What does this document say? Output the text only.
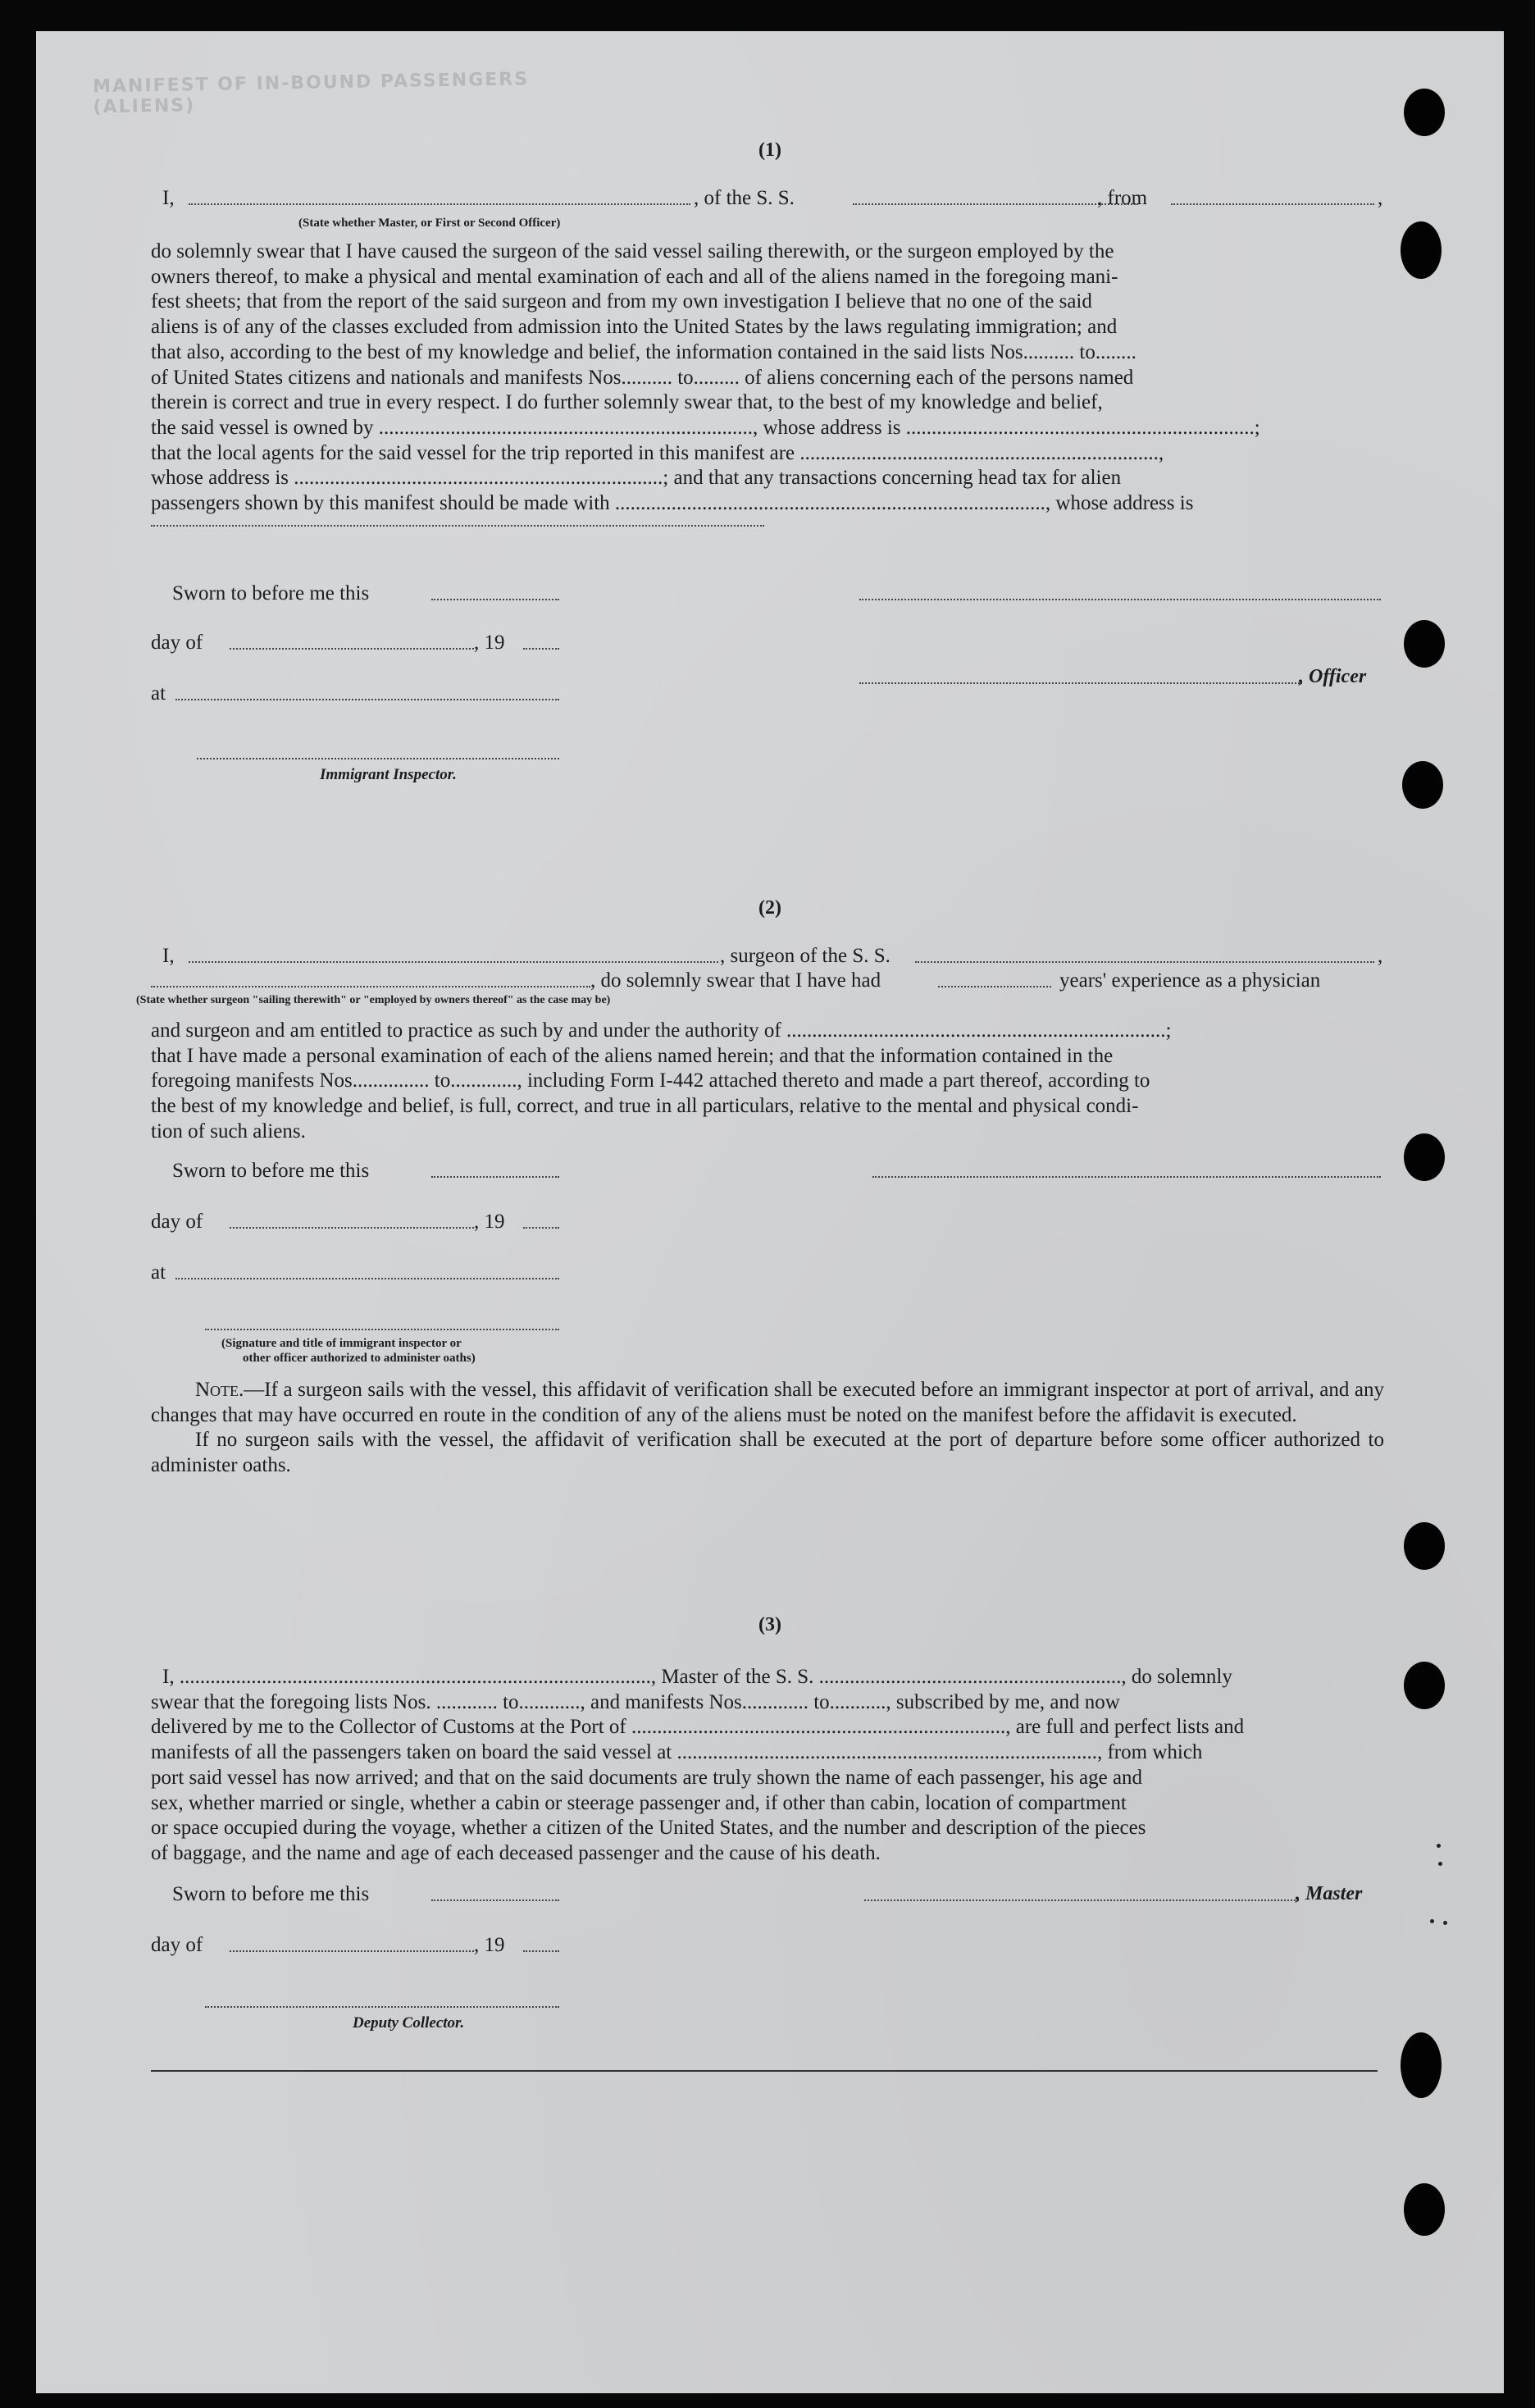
MANIFEST OF IN-BOUND PASSENGERS (ALIENS)
(1)
I,	, of the S. S.	, from	,
(State whether Master, or First or Second Officer)

do solemnly swear that I have caused the surgeon of the said vessel sailing therewith, or the surgeon employed by the

owners thereof, to make a physical and mental examination of each and all of the aliens named in the foregoing mani-

fest sheets; that from the report of the said surgeon and from my own investigation I believe that no one of the said

aliens is of any of the classes excluded from admission into the United States by the laws regulating immigration; and

that also, according to the best of my knowledge and belief, the information contained in the said lists Nos.......... to........

of United States citizens and nationals and manifests Nos.......... to......... of aliens concerning each of the persons named

therein is correct and true in every respect. I do further solemnly swear that, to the best of my knowledge and belief,

the said vessel is owned by ........................................................................., whose address is ....................................................................;

that the local agents for the said vessel for the trip reported in this manifest are ......................................................................,

whose address is ........................................................................; and that any transactions concerning head tax for alien

passengers shown by this manifest should be made with ...................................................................................., whose address is

Sworn to before me this
day of	, 19
, Officer
at
Immigrant Inspector.
(2)
I,	, surgeon of the S. S.	,
, do solemnly swear that I have had	years' experience as a physician
(State whether surgeon "sailing therewith" or "employed by owners thereof" as the case may be)

and surgeon and am entitled to practice as such by and under the authority of ..........................................................................;

that I have made a personal examination of each of the aliens named herein; and that the information contained in the

foregoing manifests Nos............... to............., including Form I-442 attached thereto and made a part thereof, according to

the best of my knowledge and belief, is full, correct, and true in all particulars, relative to the mental and physical condi-

tion of such aliens.

Sworn to before me this
day of	, 19
at
(Signature and title of immigrant inspector or
other officer authorized to administer oaths)

Note.—If a surgeon sails with the vessel, this affidavit of verification shall be executed before an immigrant inspector at port of arrival, and any changes that may have occurred en route in the condition of any of the aliens must be noted on the manifest before the affidavit is executed.

If no surgeon sails with the vessel, the affidavit of verification shall be executed at the port of departure before some officer authorized to administer oaths.

(3)

I, ............................................................................................, Master of the S. S. ..........................................................., do solemnly

swear that the foregoing lists Nos. ............ to............, and manifests Nos............. to..........., subscribed by me, and now

delivered by me to the Collector of Customs at the Port of ........................................................................., are full and perfect lists and

manifests of all the passengers taken on board the said vessel at .................................................................................., from which

port said vessel has now arrived; and that on the said documents are truly shown the name of each passenger, his age and

sex, whether married or single, whether a cabin or steerage passenger and, if other than cabin, location of compartment

or space occupied during the voyage, whether a citizen of the United States, and the number and description of the pieces

of baggage, and the name and age of each deceased passenger and the cause of his death.

Sworn to before me this	, Master
day of	, 19
Deputy Collector.
